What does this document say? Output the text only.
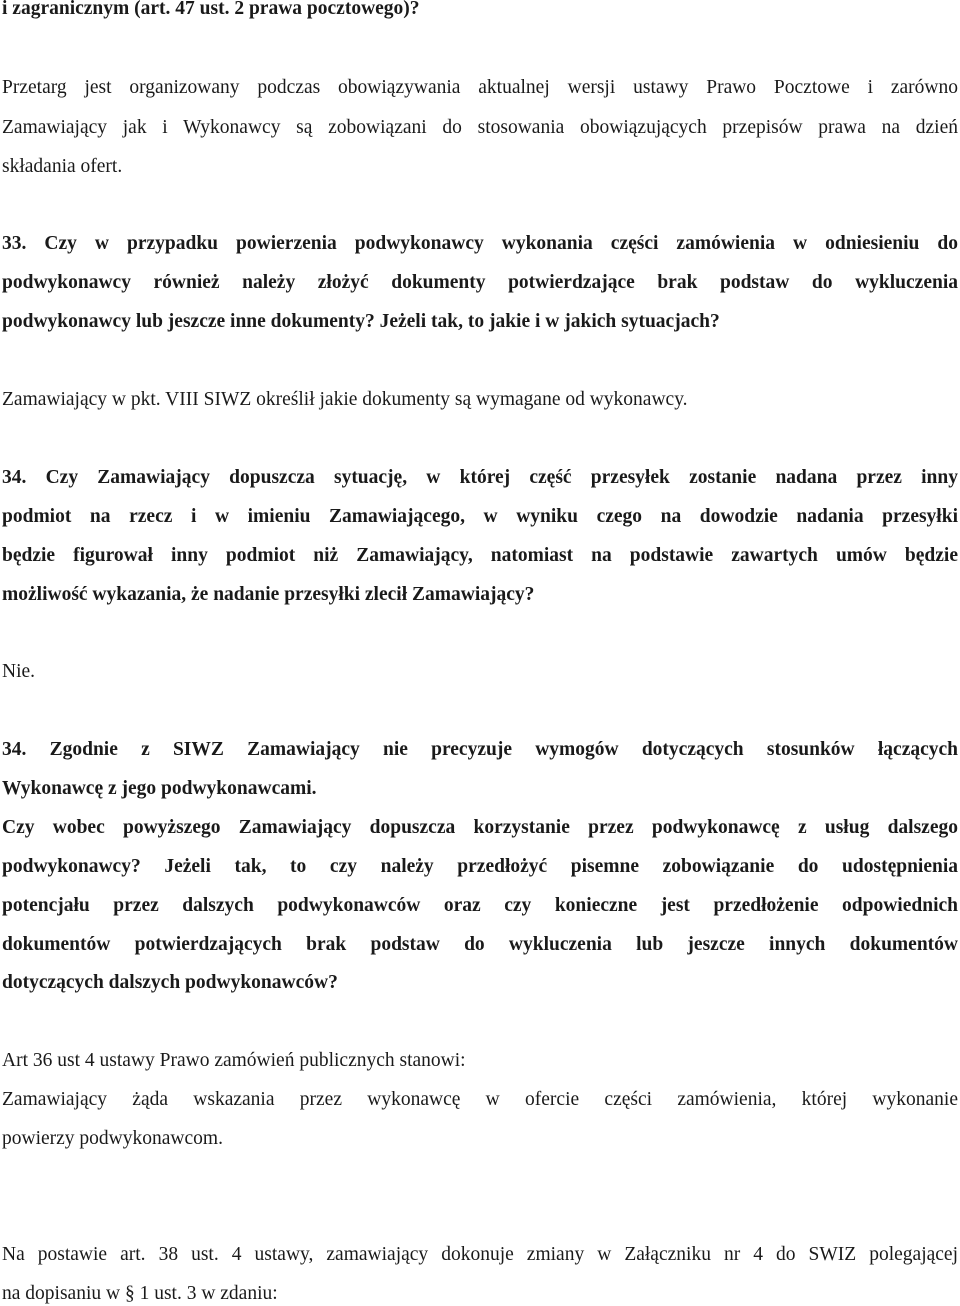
i zagranicznym (art. 47 ust. 2 prawa pocztowego)?
Przetarg jest organizowany podczas obowiązywania aktualnej wersji ustawy Prawo Pocztowe i zarówno
Zamawiający jak i Wykonawcy są zobowiązani do stosowania obowiązujących przepisów prawa na dzień
składania ofert.
33. Czy w przypadku powierzenia podwykonawcy wykonania części zamówienia w odniesieniu do
podwykonawcy również należy złożyć dokumenty potwierdzające brak podstaw do wykluczenia
podwykonawcy lub jeszcze inne dokumenty? Jeżeli tak, to jakie i w jakich sytuacjach?
Zamawiający w pkt. VIII SIWZ określił jakie dokumenty są wymagane od wykonawcy.
34. Czy Zamawiający dopuszcza sytuację, w której część przesyłek zostanie nadana przez inny
podmiot na rzecz i w imieniu Zamawiającego, w wyniku czego na dowodzie nadania przesyłki
będzie figurował inny podmiot niż Zamawiający, natomiast na podstawie zawartych umów będzie
możliwość wykazania, że nadanie przesyłki zlecił Zamawiający?
Nie.
34. Zgodnie z SIWZ Zamawiający nie precyzuje wymogów dotyczących stosunków łączących
Wykonawcę z jego podwykonawcami.
Czy wobec powyższego Zamawiający dopuszcza korzystanie przez podwykonawcę z usług dalszego
podwykonawcy? Jeżeli tak, to czy należy przedłożyć pisemne zobowiązanie do udostępnienia
potencjału przez dalszych podwykonawców oraz czy konieczne jest przedłożenie odpowiednich
dokumentów potwierdzających brak podstaw do wykluczenia lub jeszcze innych dokumentów
dotyczących dalszych podwykonawców?
Art 36 ust 4 ustawy Prawo zamówień publicznych stanowi:
Zamawiający żąda wskazania przez wykonawcę w ofercie części zamówienia, której wykonanie
powierzy podwykonawcom.
Na postawie art. 38 ust. 4 ustawy, zamawiający dokonuje zmiany w Załączniku nr 4 do SWIZ polegającej
na dopisaniu w § 1 ust. 3 w zdaniu:
